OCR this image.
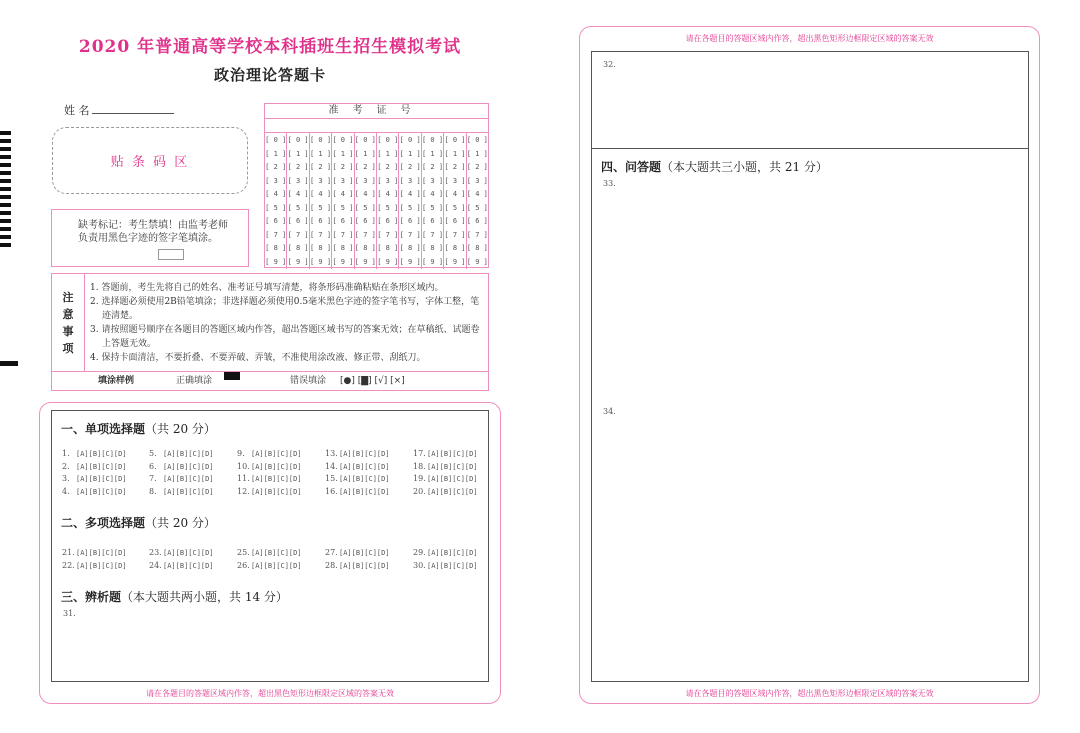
2020 年普通高等学校本科插班生招生模拟考试
政治理论答题卡
姓 名
贴 条 码 区
缺考标记：考生禁填！由监考老师
负责用黑色字迹的签字笔填涂。
准考证号
[ 0 ]
[ 1 ]
[ 2 ]
[ 3 ]
[ 4 ]
[ 5 ]
[ 6 ]
[ 7 ]
[ 8 ]
[ 9 ]
[ 0 ]
[ 1 ]
[ 2 ]
[ 3 ]
[ 4 ]
[ 5 ]
[ 6 ]
[ 7 ]
[ 8 ]
[ 9 ]
[ 0 ]
[ 1 ]
[ 2 ]
[ 3 ]
[ 4 ]
[ 5 ]
[ 6 ]
[ 7 ]
[ 8 ]
[ 9 ]
[ 0 ]
[ 1 ]
[ 2 ]
[ 3 ]
[ 4 ]
[ 5 ]
[ 6 ]
[ 7 ]
[ 8 ]
[ 9 ]
[ 0 ]
[ 1 ]
[ 2 ]
[ 3 ]
[ 4 ]
[ 5 ]
[ 6 ]
[ 7 ]
[ 8 ]
[ 9 ]
[ 0 ]
[ 1 ]
[ 2 ]
[ 3 ]
[ 4 ]
[ 5 ]
[ 6 ]
[ 7 ]
[ 8 ]
[ 9 ]
[ 0 ]
[ 1 ]
[ 2 ]
[ 3 ]
[ 4 ]
[ 5 ]
[ 6 ]
[ 7 ]
[ 8 ]
[ 9 ]
[ 0 ]
[ 1 ]
[ 2 ]
[ 3 ]
[ 4 ]
[ 5 ]
[ 6 ]
[ 7 ]
[ 8 ]
[ 9 ]
[ 0 ]
[ 1 ]
[ 2 ]
[ 3 ]
[ 4 ]
[ 5 ]
[ 6 ]
[ 7 ]
[ 8 ]
[ 9 ]
[ 0 ]
[ 1 ]
[ 2 ]
[ 3 ]
[ 4 ]
[ 5 ]
[ 6 ]
[ 7 ]
[ 8 ]
[ 9 ]
注
意
事
项
1. 答题前，考生先将自己的姓名、准考证号填写清楚，将条形码准确粘贴在条形区域内。
2. 选择题必须使用2B铅笔填涂；非选择题必须使用0.5毫米黑色字迹的签字笔书写，字体工整，笔迹清楚。
3. 请按照题号顺序在各题目的答题区域内作答，超出答题区域书写的答案无效；在草稿纸、试题卷上答题无效。
4. 保持卡面清洁，不要折叠、不要弄破、弄皱，不准使用涂改液、修正带、刮纸刀。
填涂样例	正确填涂	错误填涂 [●] [▇] [√] [×]
一、单项选择题（共 20 分）
1. [A][B][C][D]
2. [A][B][C][D]
3. [A][B][C][D]
4. [A][B][C][D]
5. [A][B][C][D]
6. [A][B][C][D]
7. [A][B][C][D]
8. [A][B][C][D]
9. [A][B][C][D]
10.[A][B][C][D]
11.[A][B][C][D]
12.[A][B][C][D]
13.[A][B][C][D]
14.[A][B][C][D]
15.[A][B][C][D]
16.[A][B][C][D]
17.[A][B][C][D]
18.[A][B][C][D]
19.[A][B][C][D]
20.[A][B][C][D]
二、多项选择题（共 20 分）
21.[A][B][C][D]
22.[A][B][C][D]
23.[A][B][C][D]
24.[A][B][C][D]
25.[A][B][C][D]
26.[A][B][C][D]
27.[A][B][C][D]
28.[A][B][C][D]
29.[A][B][C][D]
30.[A][B][C][D]
三、辨析题（本大题共两小题，共 14 分）
31.
请在各题目的答题区域内作答，超出黑色矩形边框限定区域的答案无效
请在各题目的答题区域内作答，超出黑色矩形边框限定区域的答案无效
32.
四、问答题（本大题共三小题，共 21 分）
33.
34.
请在各题目的答题区域内作答，超出黑色矩形边框限定区域的答案无效
